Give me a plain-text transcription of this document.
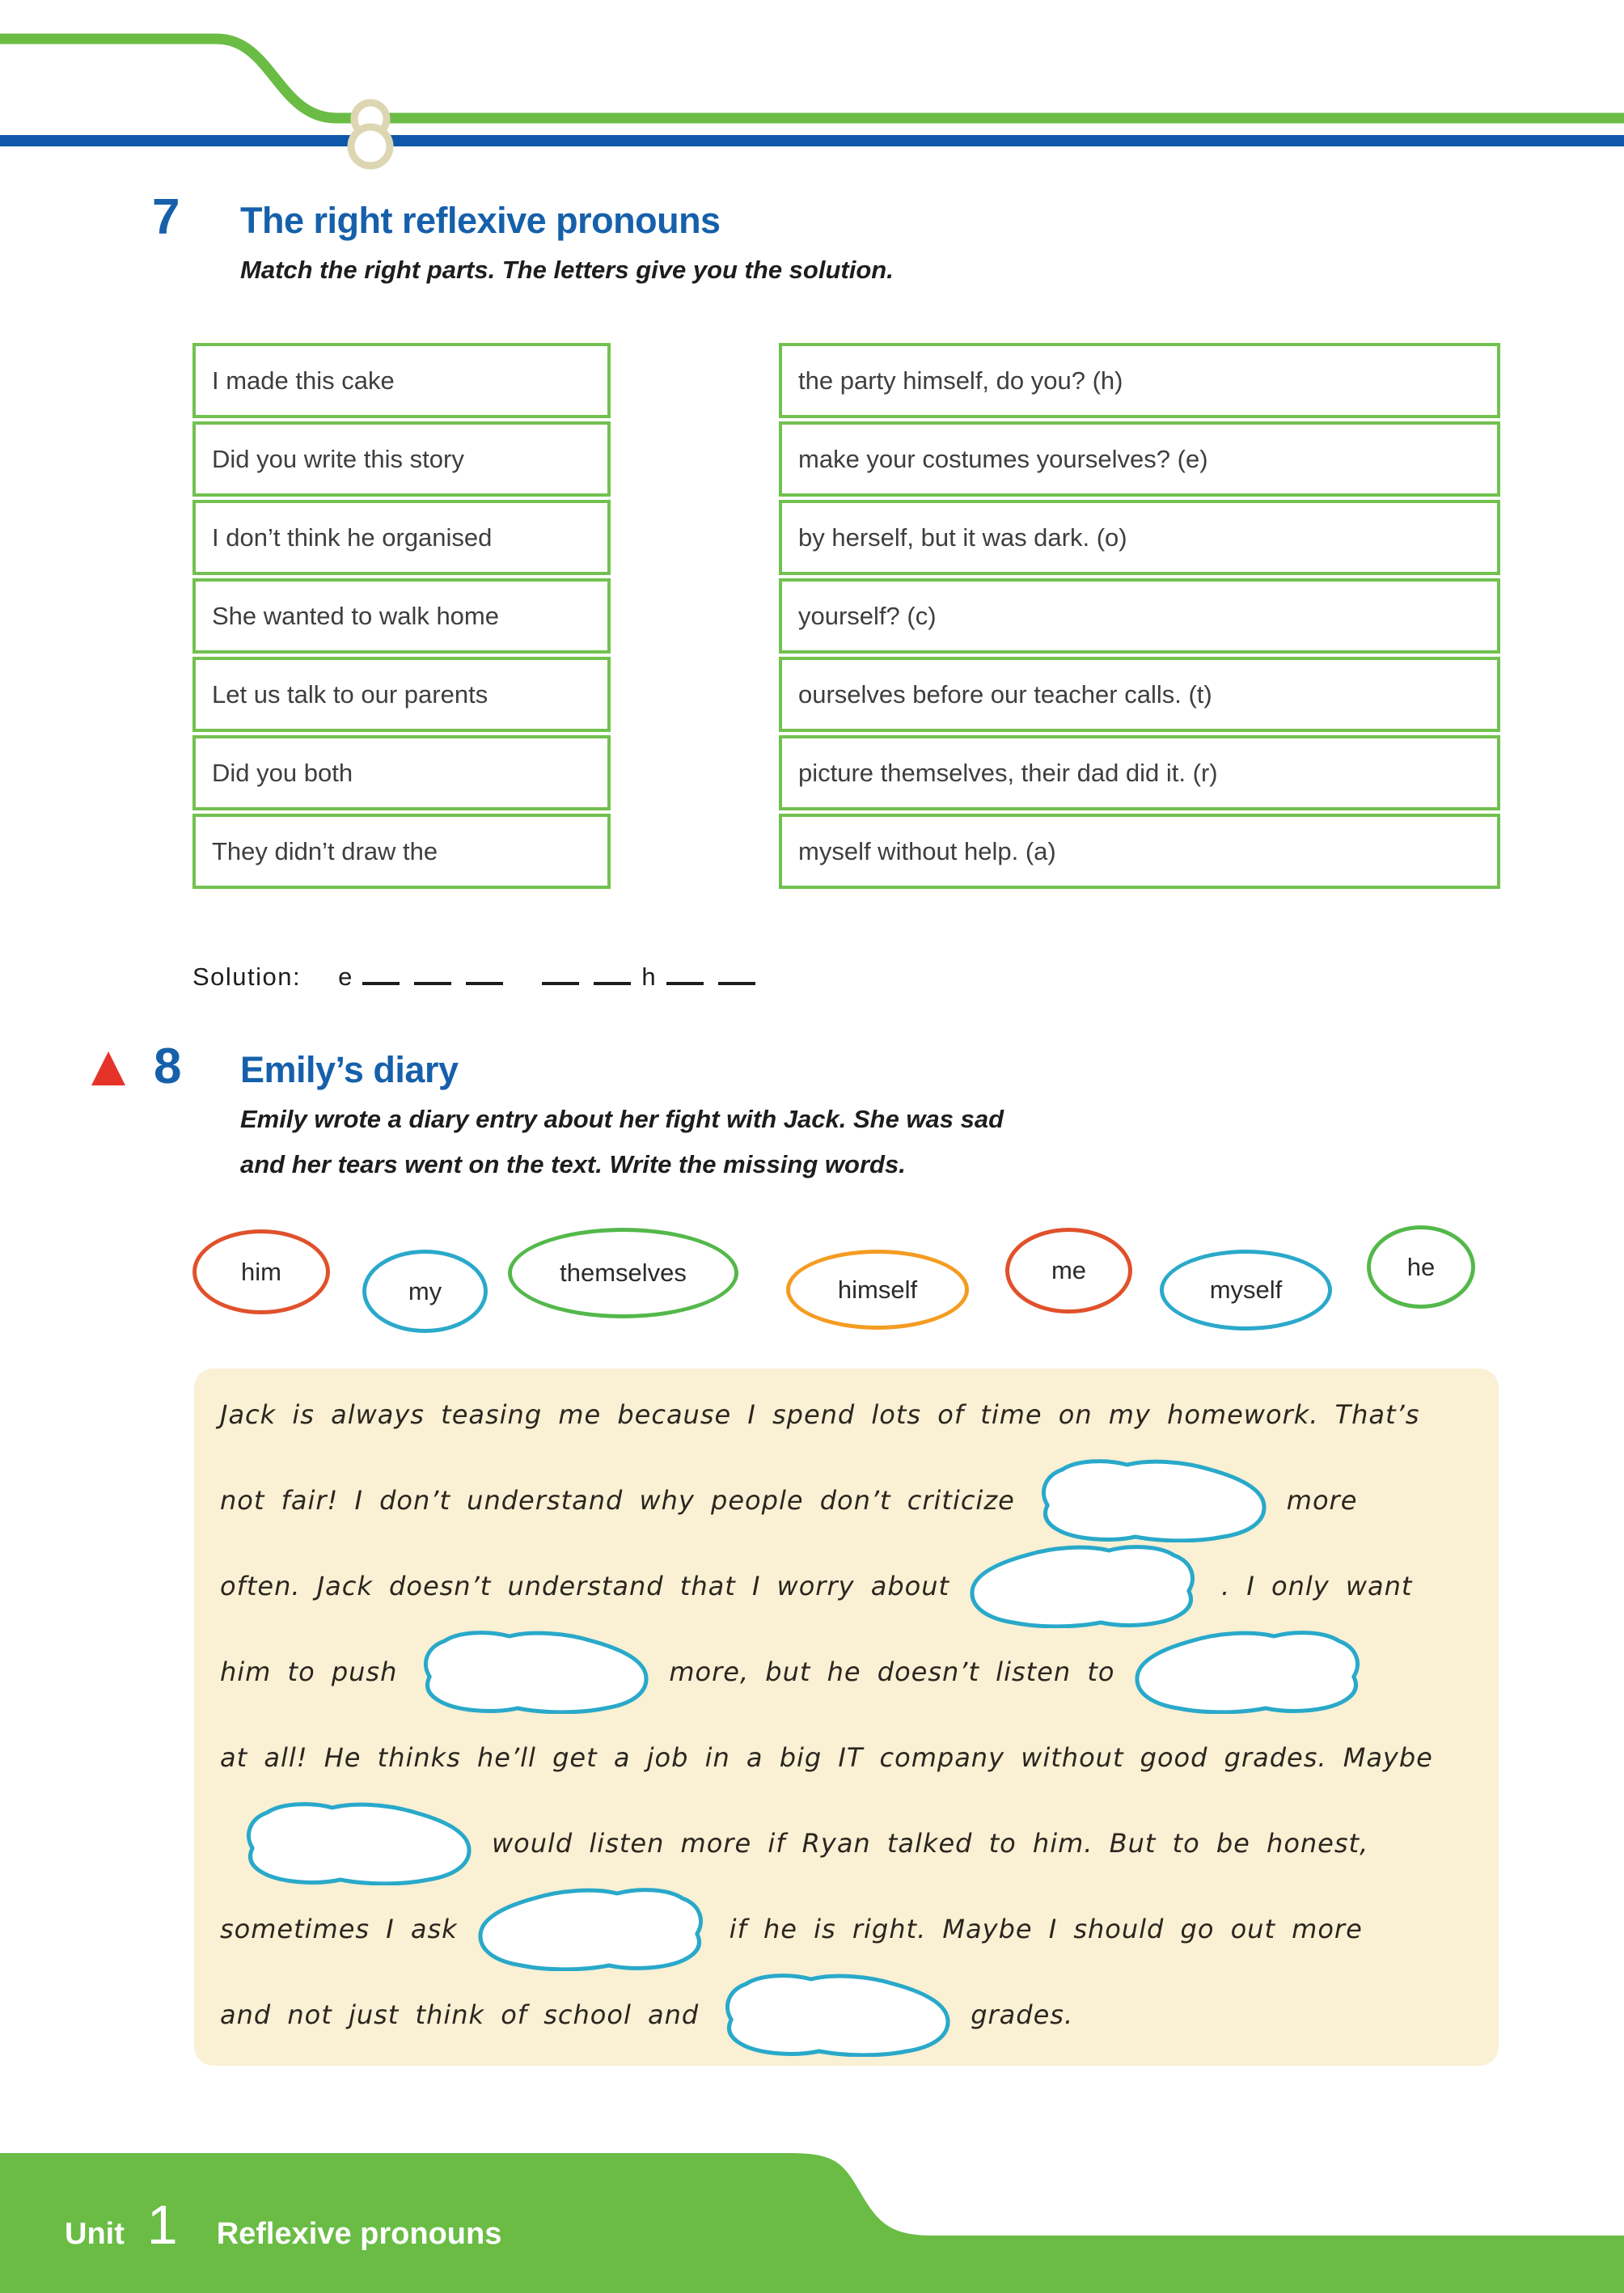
7 The right reflexive pronouns
Match the right parts. The letters give you the solution.
I made this cake	the party himself, do you? (h)
Did you write this story	make your costumes yourselves? (e)
I don’t think he organised	by herself, but it was dark. (o)
She wanted to walk home	yourself? (c)
Let us talk to our parents	ourselves before our teacher calls. (t)
Did you both	picture themselves, their dad did it. (r)
They didn’t draw the	myself without help. (a)
Solution: e	h
8 Emily’s diary
Emily wrote a diary entry about her fight with Jack. She was sad
and her tears went on the text. Write the missing words.
Jack is always teasing me because I spend lots of time on my homework. That’s
not fair! I don’t understand why people don’t criticize	more
often. Jack doesn’t understand that I worry about	. I only want
him to push	more, but he doesn’t listen to
at all! He thinks he’ll get a job in a big IT company without good grades. Maybe
would listen more if Ryan talked to him. But to be honest,
sometimes I ask	if he is right. Maybe I should go out more
and not just think of school and	grades.
Unit 1 Reflexive pronouns
him
my
themselves
himself
me
myself
he
